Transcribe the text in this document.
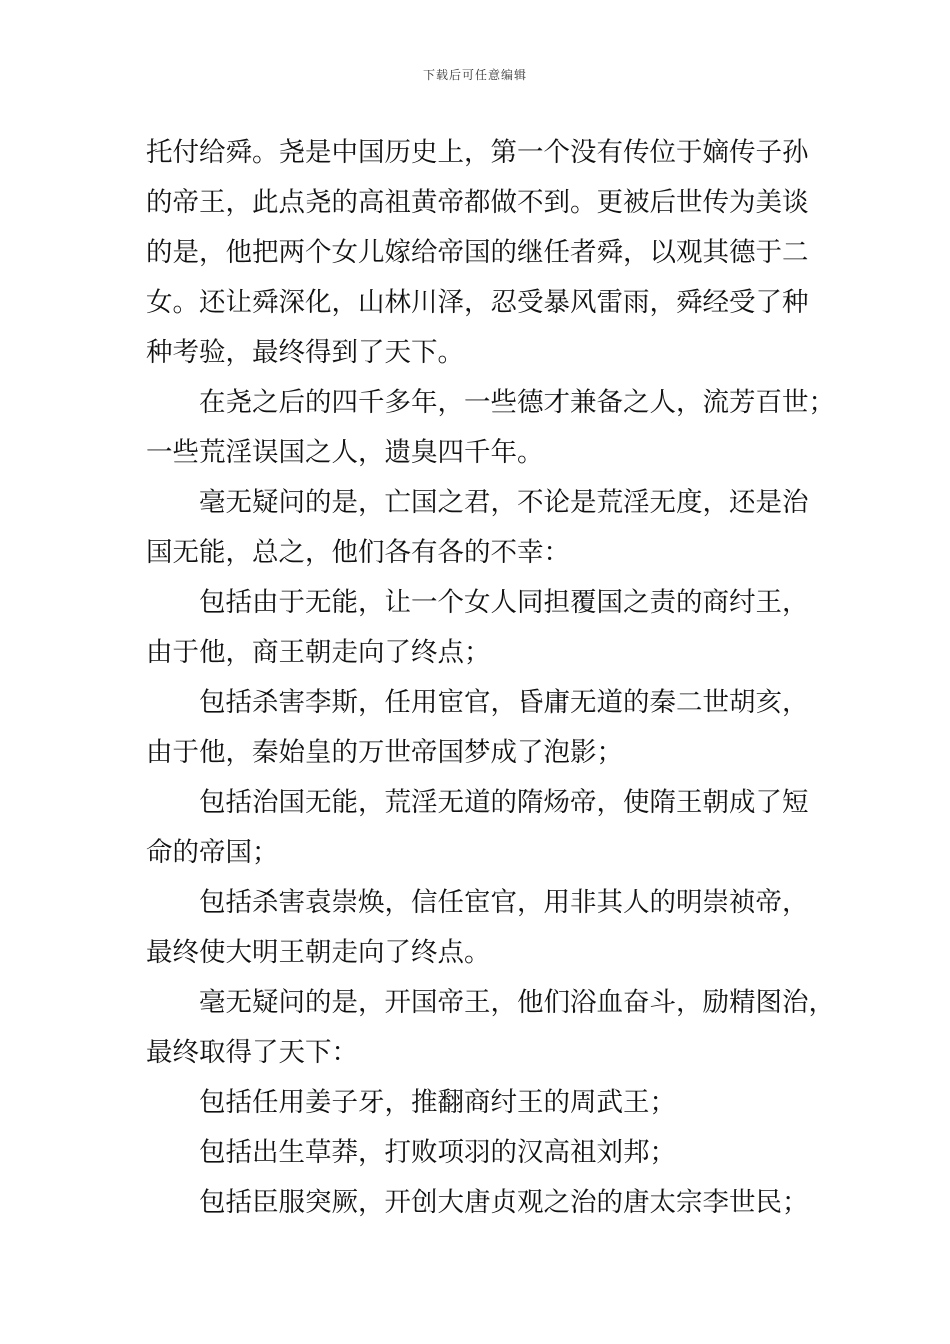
下载后可任意编辑
托付给舜。尧是中国历史上，第一个没有传位于嫡传子孙
的帝王，此点尧的高祖黄帝都做不到。更被后世传为美谈
的是，他把两个女儿嫁给帝国的继任者舜，以观其德于二
女。还让舜深化，山林川泽，忍受暴风雷雨，舜经受了种
种考验，最终得到了天下。
在尧之后的四千多年，一些德才兼备之人，流芳百世；
一些荒淫误国之人，遗臭四千年。
毫无疑问的是，亡国之君，不论是荒淫无度，还是治
国无能，总之，他们各有各的不幸：
包括由于无能，让一个女人同担覆国之责的商纣王，
由于他，商王朝走向了终点；
包括杀害李斯，任用宦官，昏庸无道的秦二世胡亥，
由于他，秦始皇的万世帝国梦成了泡影；
包括治国无能，荒淫无道的隋炀帝，使隋王朝成了短
命的帝国；
包括杀害袁崇焕，信任宦官，用非其人的明崇祯帝，
最终使大明王朝走向了终点。
毫无疑问的是，开国帝王，他们浴血奋斗，励精图治，
最终取得了天下：
包括任用姜子牙，推翻商纣王的周武王；
包括出生草莽，打败项羽的汉高祖刘邦；
包括臣服突厥，开创大唐贞观之治的唐太宗李世民；
